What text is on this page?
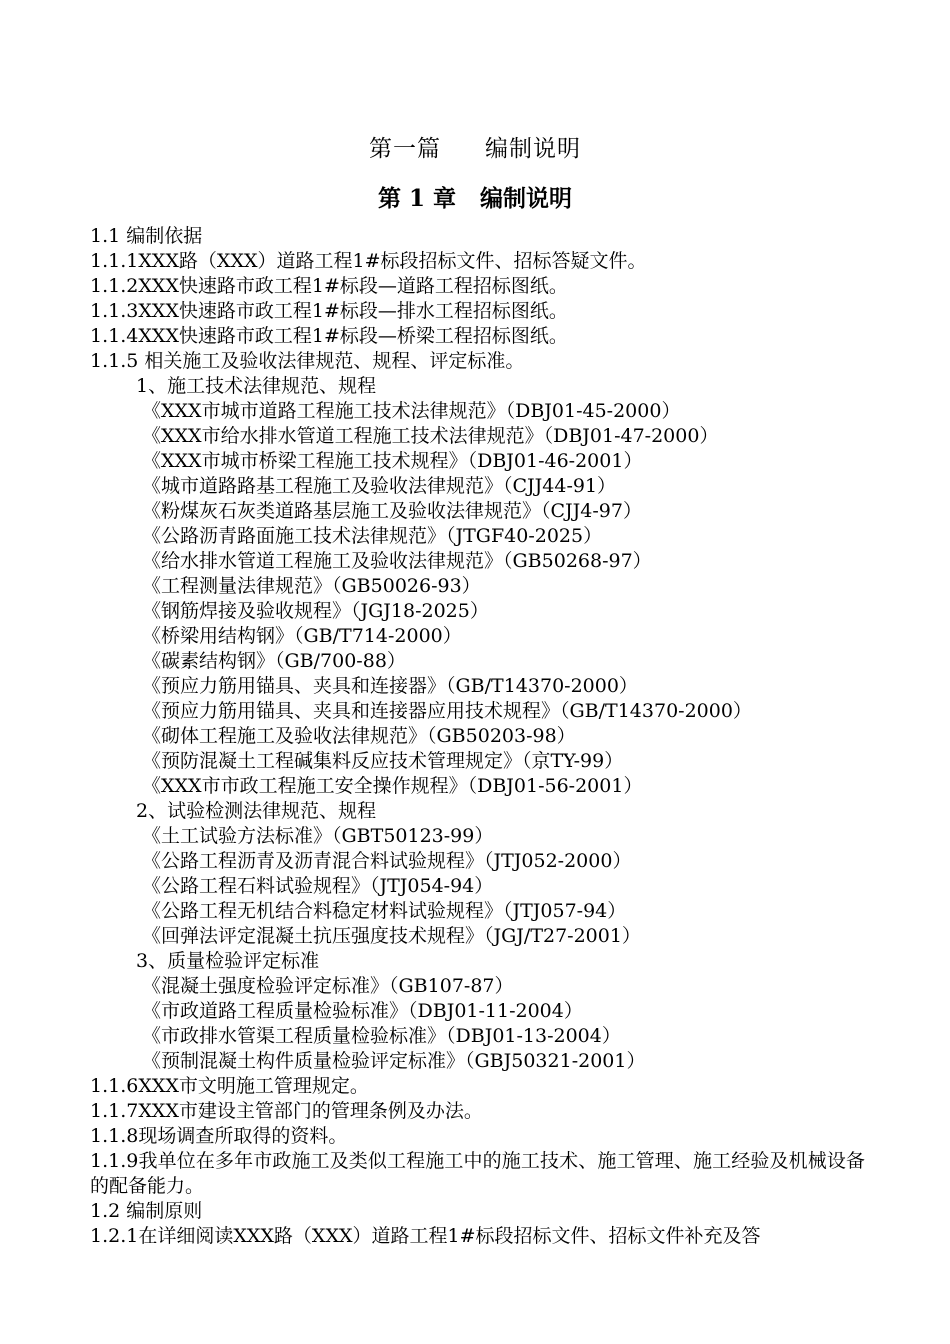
第一篇 编制说明
第 1 章 编制说明

1.1 编制依据

1.1.1XXX路（XXX）道路工程1#标段招标文件、招标答疑文件。

1.1.2XXX快速路市政工程1#标段—道路工程招标图纸。

1.1.3XXX快速路市政工程1#标段—排水工程招标图纸。

1.1.4XXX快速路市政工程1#标段—桥梁工程招标图纸。

1.1.5 相关施工及验收法律规范、规程、评定标准。

1、施工技术法律规范、规程

《XXX市城市道路工程施工技术法律规范》（DBJ01-45-2000）

《XXX市给水排水管道工程施工技术法律规范》（DBJ01-47-2000）

《XXX市城市桥梁工程施工技术规程》（DBJ01-46-2001）

《城市道路路基工程施工及验收法律规范》（CJJ44-91）

《粉煤灰石灰类道路基层施工及验收法律规范》（CJJ4-97）

《公路沥青路面施工技术法律规范》（JTGF40-2025）

《给水排水管道工程施工及验收法律规范》（GB50268-97）

《工程测量法律规范》（GB50026-93）

《钢筋焊接及验收规程》（JGJ18-2025）

《桥梁用结构钢》（GB/T714-2000）

《碳素结构钢》（GB/700-88）

《预应力筋用锚具、夹具和连接器》（GB/T14370-2000）

《预应力筋用锚具、夹具和连接器应用技术规程》（GB/T14370-2000）

《砌体工程施工及验收法律规范》（GB50203-98）

《预防混凝土工程碱集料反应技术管理规定》（京TY-99）

《XXX市市政工程施工安全操作规程》（DBJ01-56-2001）

2、试验检测法律规范、规程

《土工试验方法标准》（GBT50123-99）

《公路工程沥青及沥青混合料试验规程》（JTJ052-2000）

《公路工程石料试验规程》（JTJ054-94）

《公路工程无机结合料稳定材料试验规程》（JTJ057-94）

《回弹法评定混凝土抗压强度技术规程》（JGJ/T27-2001）

3、质量检验评定标准

《混凝土强度检验评定标准》（GB107-87）

《市政道路工程质量检验标准》（DBJ01-11-2004）

《市政排水管渠工程质量检验标准》（DBJ01-13-2004）

《预制混凝土构件质量检验评定标准》（GBJ50321-2001）

1.1.6XXX市文明施工管理规定。

1.1.7XXX市建设主管部门的管理条例及办法。

1.1.8现场调查所取得的资料。

1.1.9我单位在多年市政施工及类似工程施工中的施工技术、施工管理、施工经验及机械设备的配备能力。

1.2 编制原则

1.2.1在详细阅读XXX路（XXX）道路工程1#标段招标文件、招标文件补充及答
